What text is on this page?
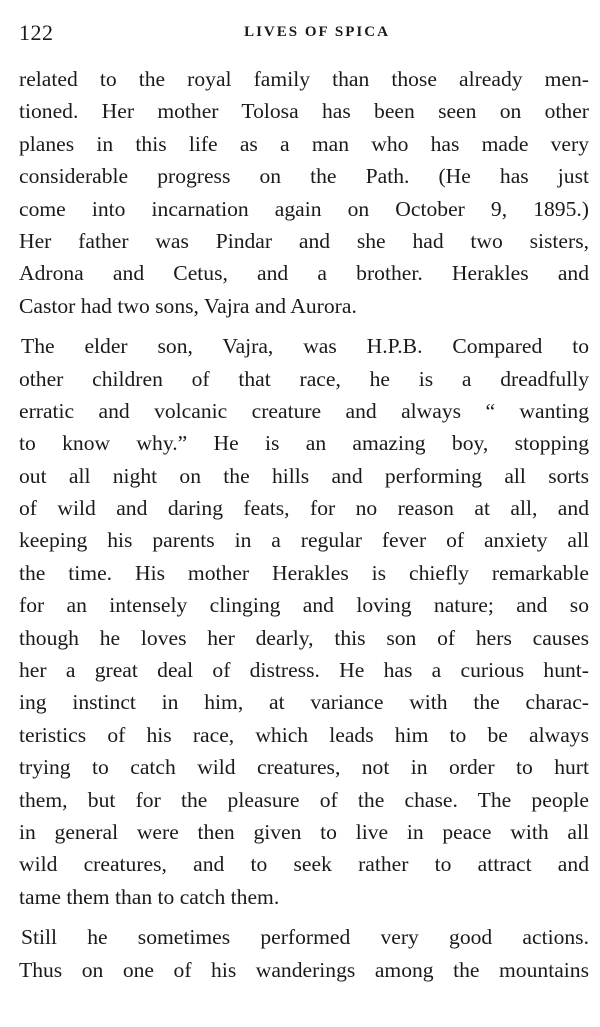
122	LIVES OF SPICA
related to the royal family than those already men-
tioned. Her mother Tolosa has been seen on other
planes in this life as a man who has made very
considerable progress on the Path. (He has just
come into incarnation again on October 9, 1895.)
Her father was Pindar and she had two sisters,
Adrona and Cetus, and a brother. Herakles and
Castor had two sons, Vajra and Aurora.
The elder son, Vajra, was H.P.B. Compared to
other children of that race, he is a dreadfully
erratic and volcanic creature and always “ wanting
to know why.” He is an amazing boy, stopping
out all night on the hills and performing all sorts
of wild and daring feats, for no reason at all, and
keeping his parents in a regular fever of anxiety all
the time. His mother Herakles is chiefly remarkable
for an intensely clinging and loving nature; and so
though he loves her dearly, this son of hers causes
her a great deal of distress. He has a curious hunt-
ing instinct in him, at variance with the charac-
teristics of his race, which leads him to be always
trying to catch wild creatures, not in order to hurt
them, but for the pleasure of the chase. The people
in general were then given to live in peace with all
wild creatures, and to seek rather to attract and
tame them than to catch them.
Still he sometimes performed very good actions.
Thus on one of his wanderings among the mountains
